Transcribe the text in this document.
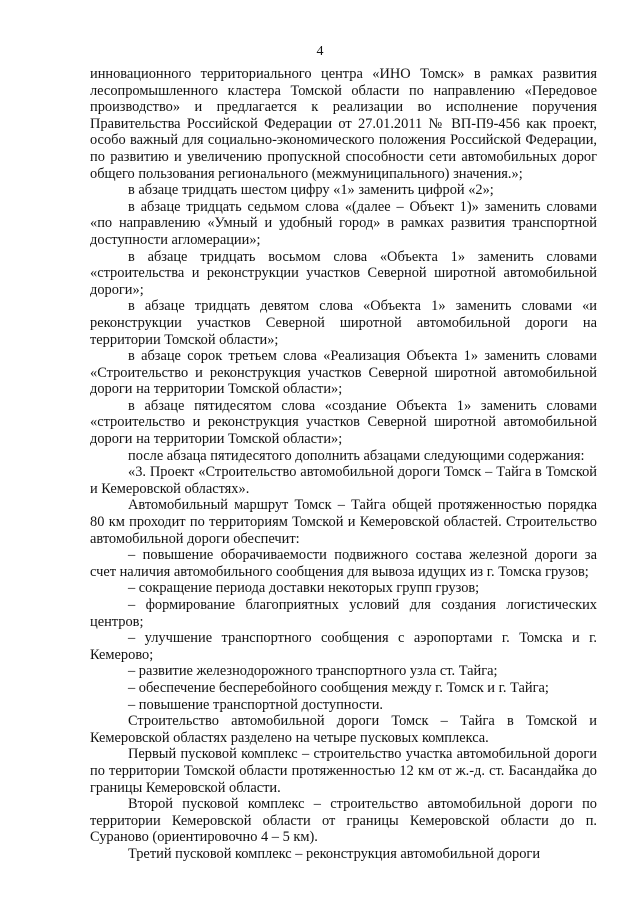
4

инновационного территориального центра «ИНО Томск» в рамках развития лесопромышленного кластера Томской области по направлению «Передовое производство» и предлагается к реализации во исполнение поручения Правительства Российской Федерации от 27.01.2011 № ВП-П9-456 как проект, особо важный для социально-экономического положения Российской Федерации, по развитию и увеличению пропускной способности сети автомобильных дорог общего пользования регионального (межмуниципального) значения.»;

в абзаце тридцать шестом цифру «1» заменить цифрой «2»;

в абзаце тридцать седьмом слова «(далее – Объект 1)» заменить словами «по направлению «Умный и удобный город» в рамках развития транспортной доступности агломерации»;

в абзаце тридцать восьмом слова «Объекта 1» заменить словами «строительства и реконструкции участков Северной широтной автомобильной дороги»;

в абзаце тридцать девятом слова «Объекта 1» заменить словами «и реконструкции участков Северной широтной автомобильной дороги на территории Томской области»;

в абзаце сорок третьем слова «Реализация Объекта 1» заменить словами «Строительство и реконструкция участков Северной широтной автомобильной дороги на территории Томской области»;

в абзаце пятидесятом слова «создание Объекта 1» заменить словами «строительство и реконструкция участков Северной широтной автомобильной дороги на территории Томской области»;

после абзаца пятидесятого дополнить абзацами следующими содержания:

«3. Проект «Строительство автомобильной дороги Томск – Тайга в Томской и Кемеровской областях».

Автомобильный маршрут Томск – Тайга общей протяженностью порядка 80 км проходит по территориям Томской и Кемеровской областей. Строительство автомобильной дороги обеспечит:

– повышение оборачиваемости подвижного состава железной дороги за счет наличия автомобильного сообщения для вывоза идущих из г. Томска грузов;

– сокращение периода доставки некоторых групп грузов;

– формирование благоприятных условий для создания логистических центров;

– улучшение транспортного сообщения с аэропортами г. Томска и г. Кемерово;

– развитие железнодорожного транспортного узла ст. Тайга;

– обеспечение бесперебойного сообщения между г. Томск и г. Тайга;

– повышение транспортной доступности.

Строительство автомобильной дороги Томск – Тайга в Томской и Кемеровской областях разделено на четыре пусковых комплекса.

Первый пусковой комплекс – строительство участка автомобильной дороги по территории Томской области протяженностью 12 км от ж.-д. ст. Басандайка до границы Кемеровской области.

Второй пусковой комплекс – строительство автомобильной дороги по территории Кемеровской области от границы Кемеровской области до п. Сураново (ориентировочно 4 – 5 км).

Третий пусковой комплекс – реконструкция автомобильной дороги
